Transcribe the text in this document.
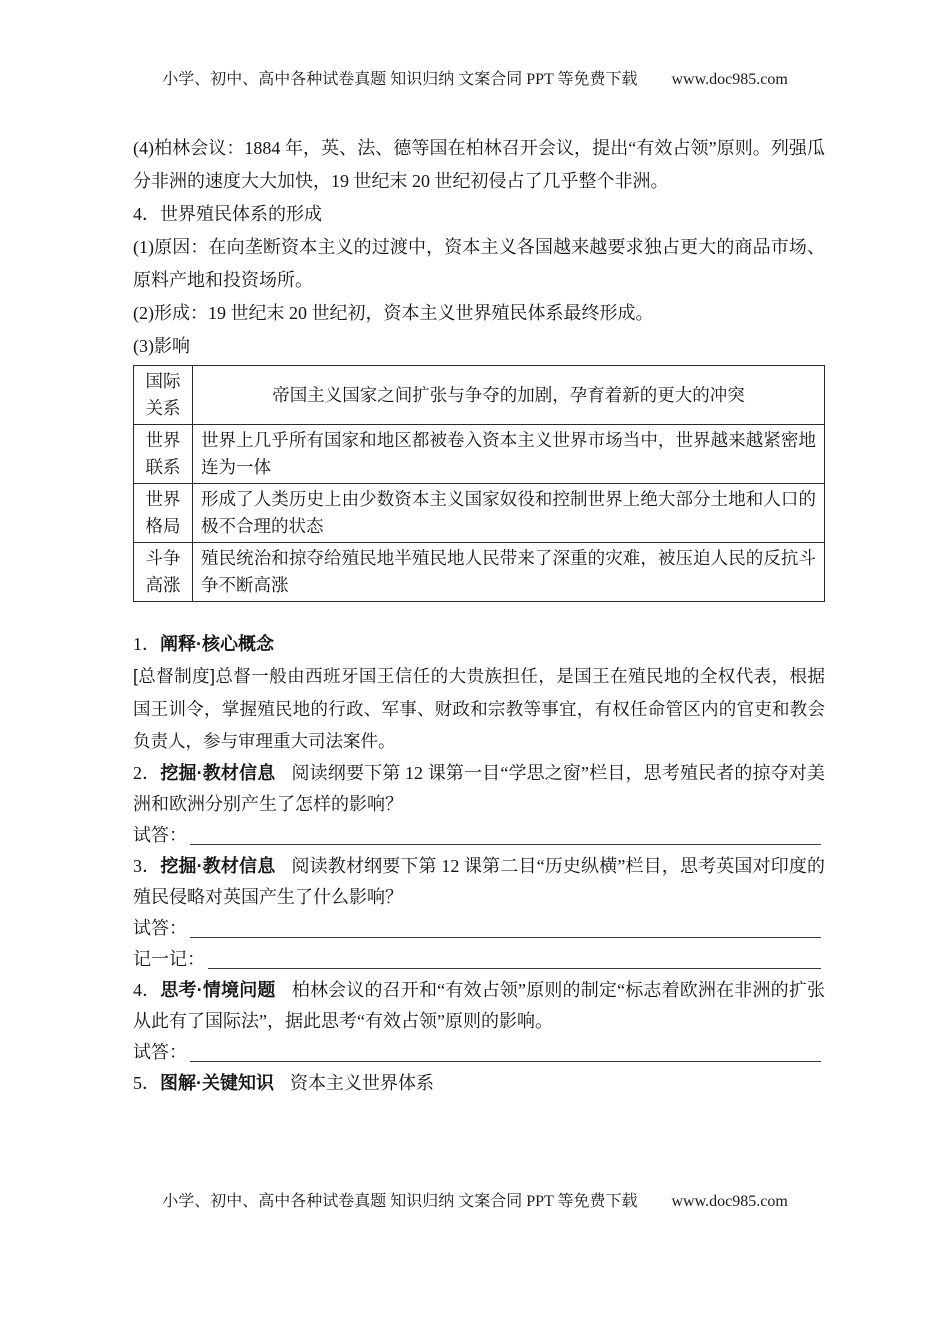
小学、初中、高中各种试卷真题 知识归纳 文案合同 PPT 等免费下载 www.doc985.com

(4)柏林会议：1884 年，英、法、德等国在柏林召开会议，提出“有效占领”原则。列强瓜分非洲的速度大大加快，19 世纪末 20 世纪初侵占了几乎整个非洲。

4．世界殖民体系的形成

(1)原因：在向垄断资本主义的过渡中，资本主义各国越来越要求独占更大的商品市场、原料产地和投资场所。

(2)形成：19 世纪末 20 世纪初，资本主义世界殖民体系最终形成。

(3)影响

国际
关系	帝国主义国家之间扩张与争夺的加剧，孕育着新的更大的冲突

世界
联系	世界上几乎所有国家和地区都被卷入资本主义世界市场当中，世界越来越紧密地连为一体

世界
格局	形成了人类历史上由少数资本主义国家奴役和控制世界上绝大部分土地和人口的极不合理的状态

斗争
高涨	殖民统治和掠夺给殖民地半殖民地人民带来了深重的灾难，被压迫人民的反抗斗争不断高涨

1．阐释·核心概念

[总督制度]总督一般由西班牙国王信任的大贵族担任，是国王在殖民地的全权代表，根据国王训令，掌握殖民地的行政、军事、财政和宗教等事宜，有权任命管区内的官吏和教会负责人，参与审理重大司法案件。

2．挖掘·教材信息 阅读纲要下第 12 课第一目“学思之窗”栏目，思考殖民者的掠夺对美洲和欧洲分别产生了怎样的影响？

试答：

3．挖掘·教材信息 阅读教材纲要下第 12 课第二目“历史纵横”栏目，思考英国对印度的殖民侵略对英国产生了什么影响？

试答：
记一记：

4．思考·情境问题 柏林会议的召开和“有效占领”原则的制定“标志着欧洲在非洲的扩张从此有了国际法”，据此思考“有效占领”原则的影响。

试答：

5．图解·关键知识 资本主义世界体系

小学、初中、高中各种试卷真题 知识归纳 文案合同 PPT 等免费下载 www.doc985.com
